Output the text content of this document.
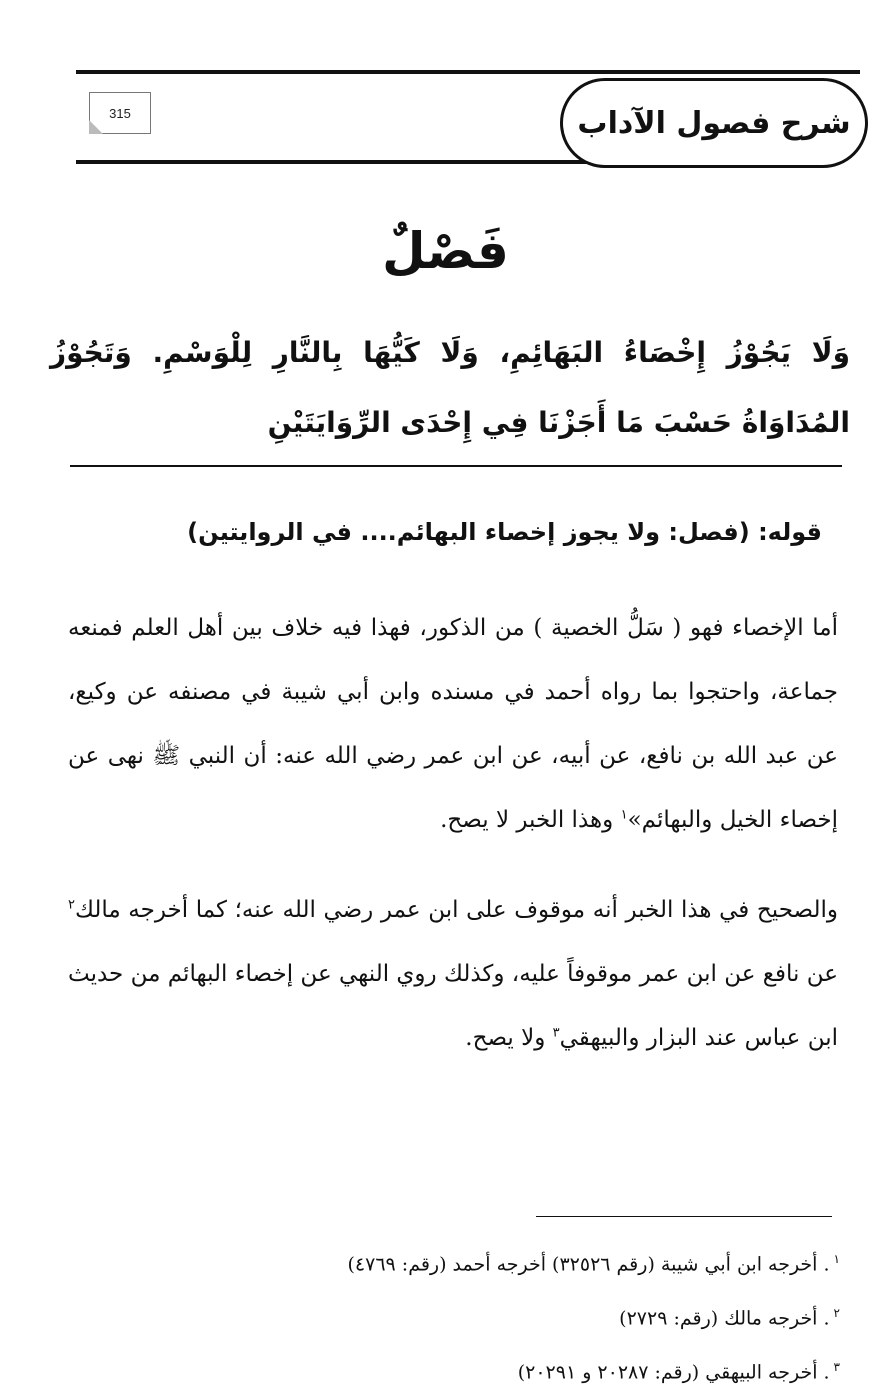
شرح فصول الآداب
315
فَصْلٌ
وَلَا يَجُوْزُ إِخْصَاءُ البَهَائِمِ، وَلَا كَيُّهَا بِالنَّارِ لِلْوَسْمِ. وَتَجُوْزُ المُدَاوَاةُ حَسْبَ مَا أَجَزْنَا فِي إِحْدَى الرِّوَايَتَيْنِ
قوله: (فصل: ولا يجوز إخصاء البهائم.... في الروايتين)
أما الإخصاء فهو ( سَلُّ الخصية ) من الذكور، فهذا فيه خلاف بين أهل العلم فمنعه جماعة، واحتجوا بما رواه أحمد في مسنده وابن أبي شيبة في مصنفه عن وكيع، عن عبد الله بن نافع، عن أبيه، عن ابن عمر رضي الله عنه: أن النبي ﷺ نهى عن إخصاء الخيل والبهائم»$^١$ وهذا الخبر لا يصح.
والصحيح في هذا الخبر أنه موقوف على ابن عمر رضي الله عنه؛ كما أخرجه مالك$^٢$ عن نافع عن ابن عمر موقوفاً عليه، وكذلك روي النهي عن إخصاء البهائم من حديث ابن عباس عند البزار والبيهقي$^٣$ ولا يصح.
$^١$. أخرجه ابن أبي شيبة (رقم ٣٢٥٢٦) أخرجه أحمد (رقم: ٤٧٦٩)
$^٢$. أخرجه مالك (رقم: ٢٧٢٩)
$^٣$. أخرجه البيهقي (رقم: ٢٠٢٨٧ و ٢٠٢٩١)
